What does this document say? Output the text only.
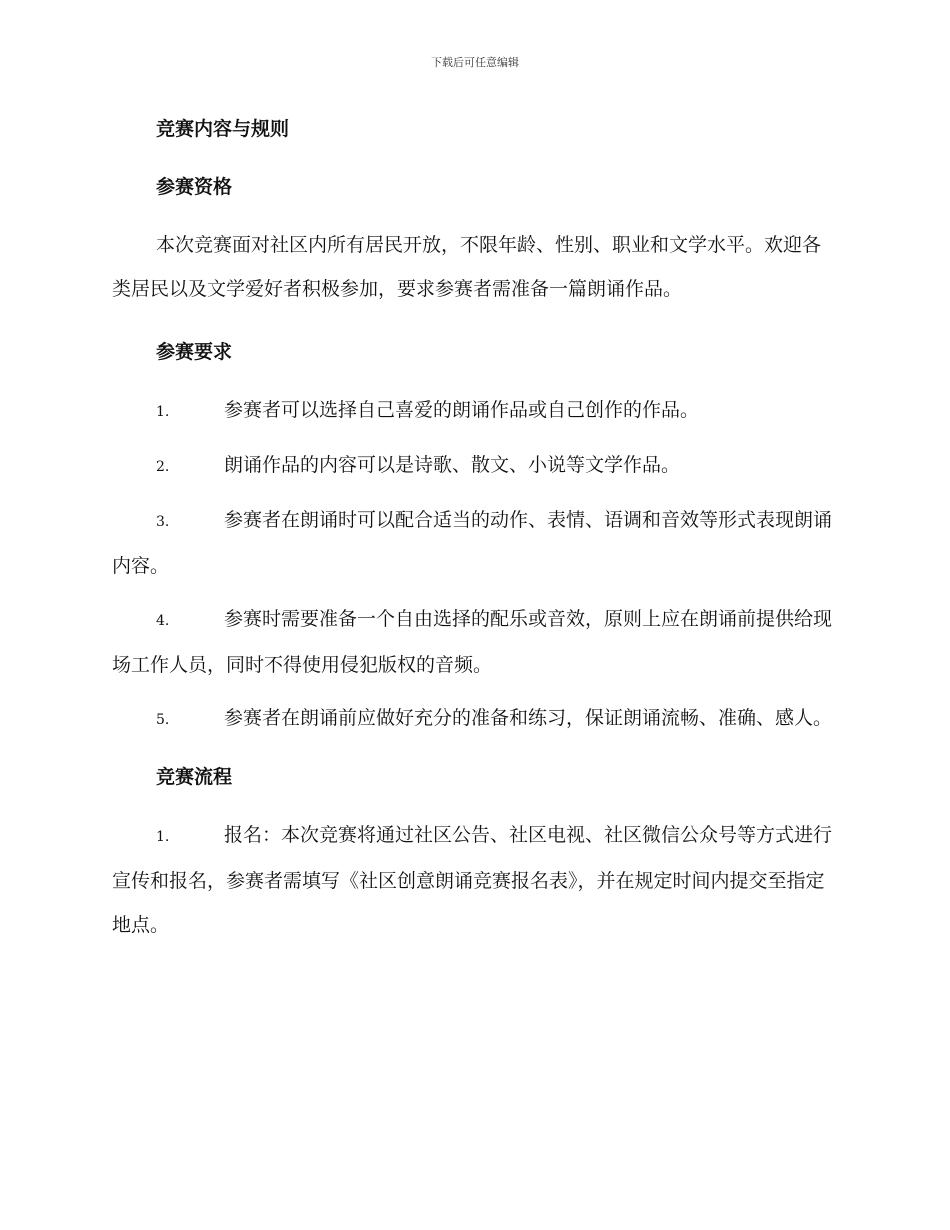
下载后可任意编辑
竞赛内容与规则
参赛资格

本次竞赛面对社区内所有居民开放，不限年龄、性别、职业和文学水平。欢迎各类居民以及文学爱好者积极参加，要求参赛者需准备一篇朗诵作品。

参赛要求
1.	参赛者可以选择自己喜爱的朗诵作品或自己创作的作品。
2.	朗诵作品的内容可以是诗歌、散文、小说等文学作品。
3.	参赛者在朗诵时可以配合适当的动作、表情、语调和音效等形式表现朗诵内容。
4.	参赛时需要准备一个自由选择的配乐或音效，原则上应在朗诵前提供给现场工作人员，同时不得使用侵犯版权的音频。
5.	参赛者在朗诵前应做好充分的准备和练习，保证朗诵流畅、准确、感人。
竞赛流程
1.	报名：本次竞赛将通过社区公告、社区电视、社区微信公众号等方式进行宣传和报名，参赛者需填写《社区创意朗诵竞赛报名表》，并在规定时间内提交至指定地点。
